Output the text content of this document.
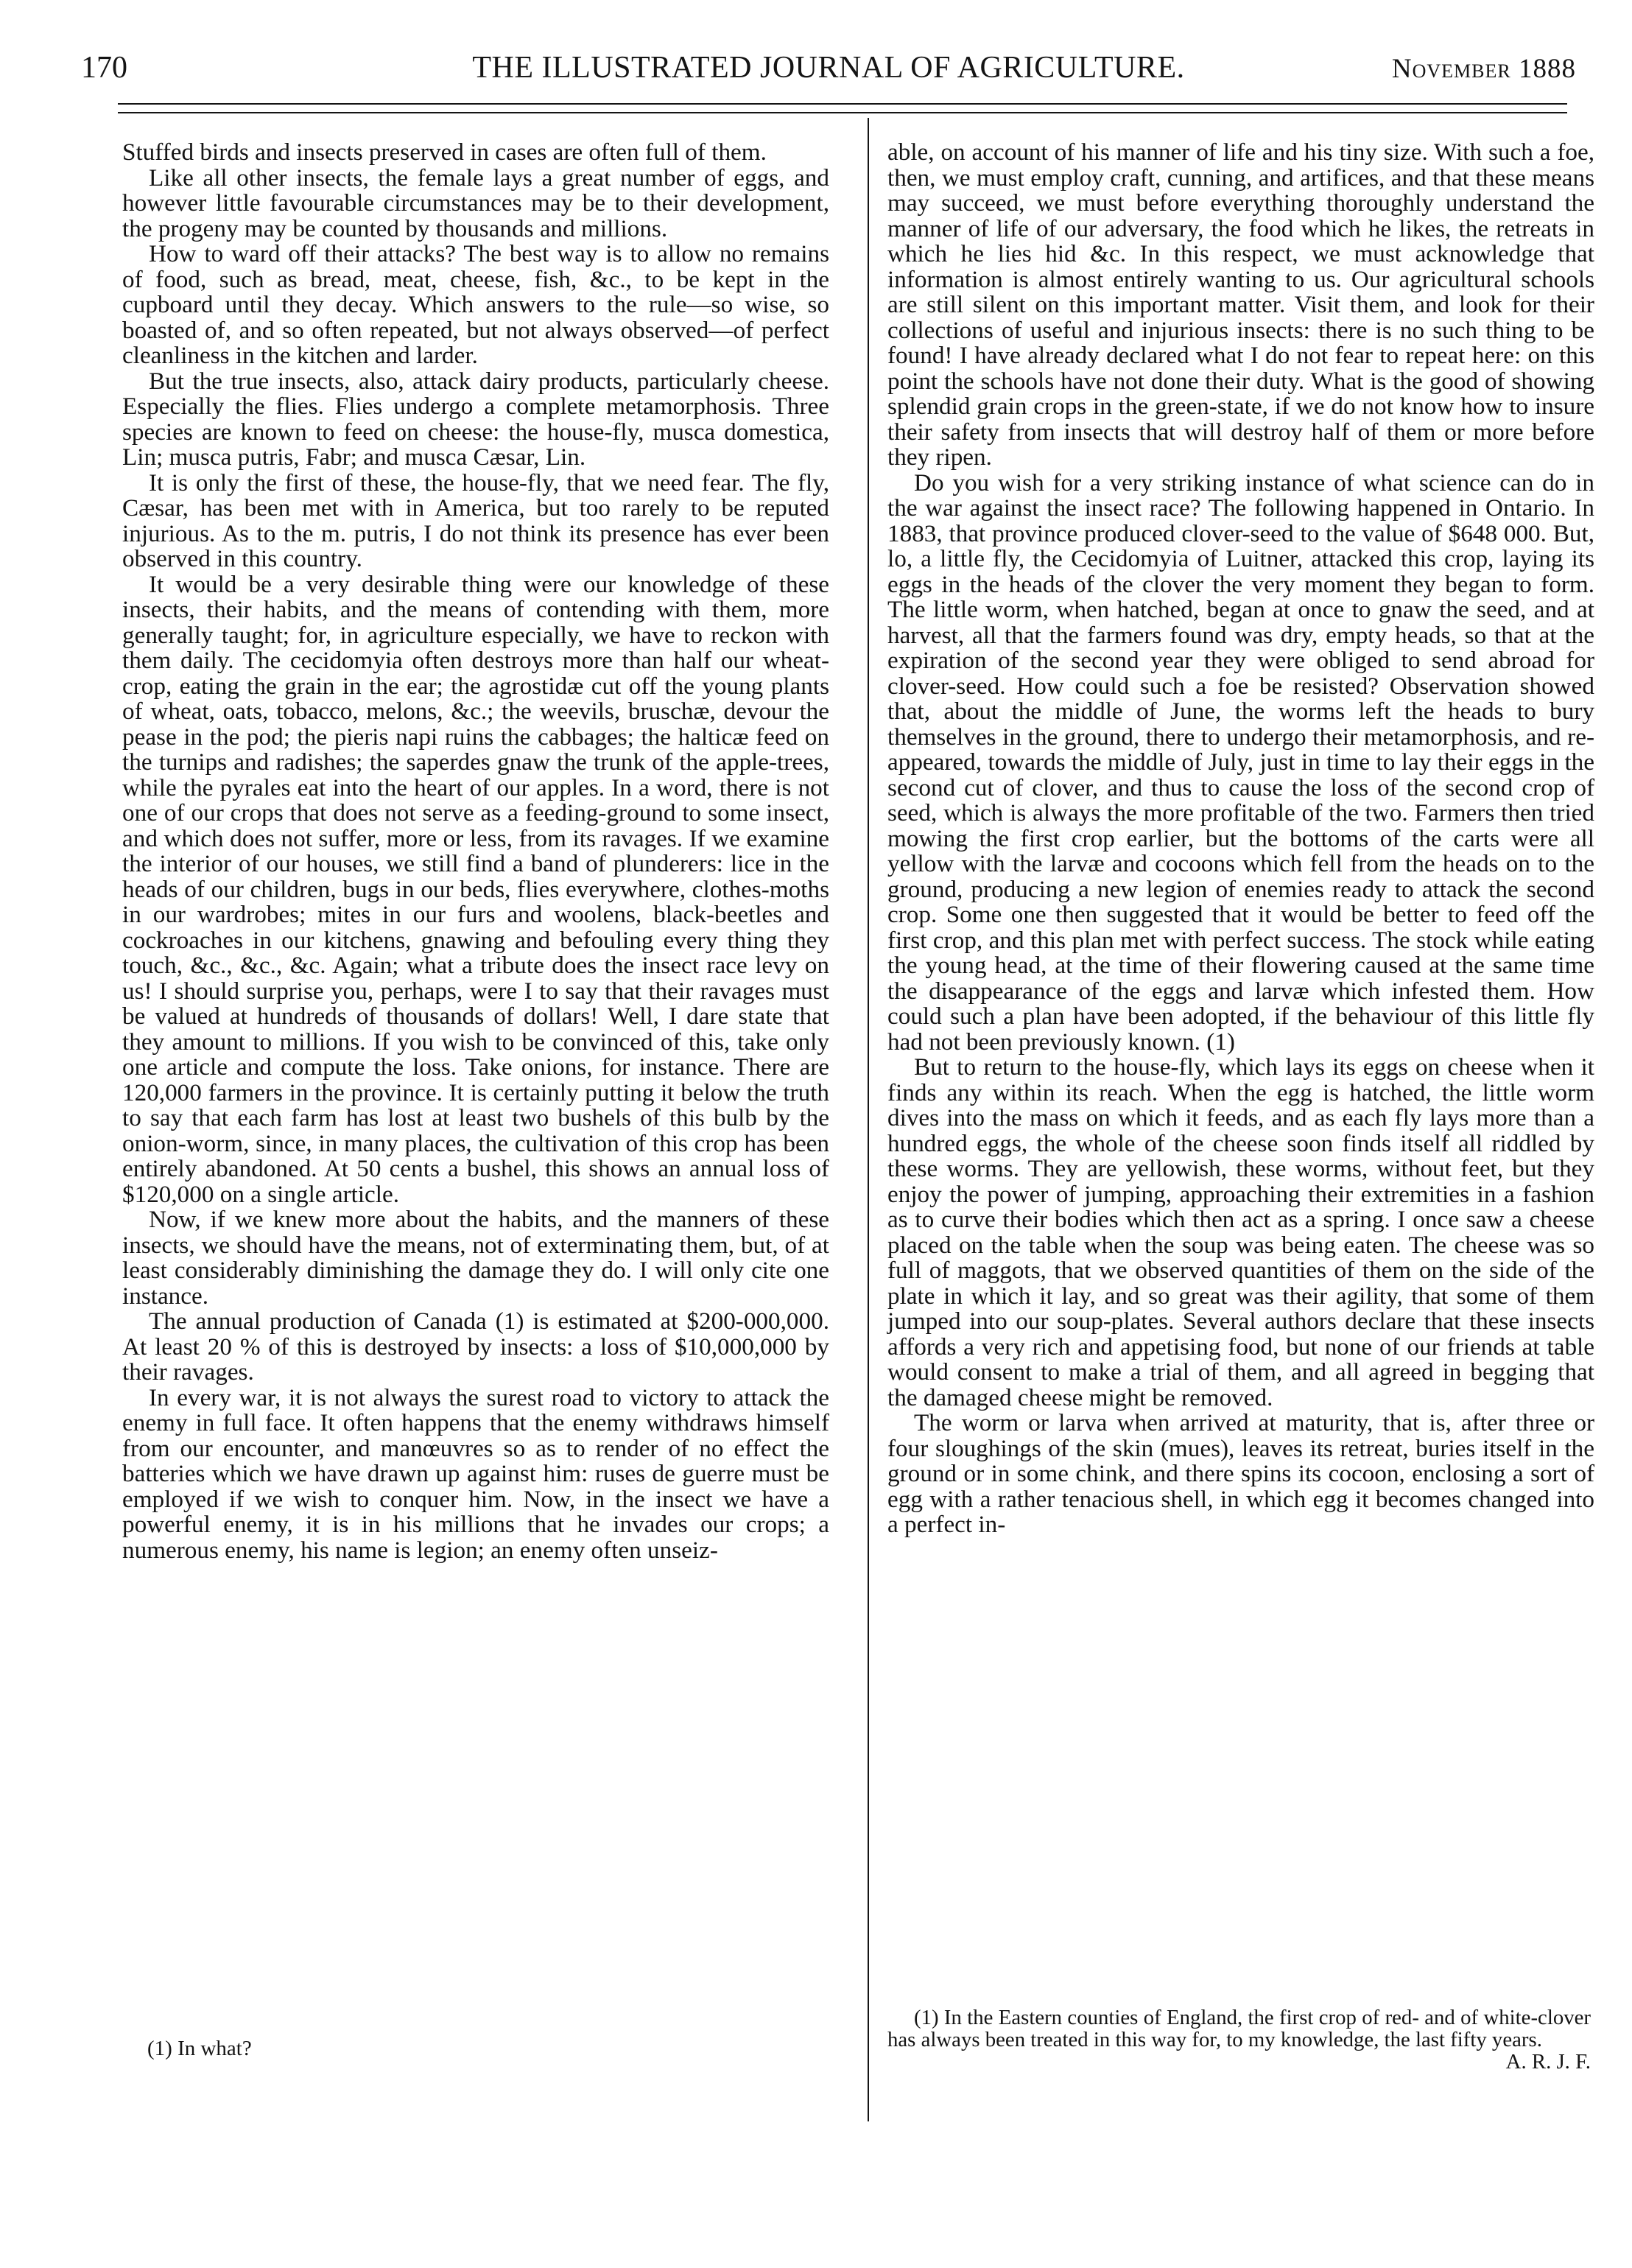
170	THE ILLUSTRATED JOURNAL OF AGRICULTURE.	November 1888

Stuffed birds and insects preserved in cases are often full of them.

Like all other insects, the female lays a great number of eggs, and however little favourable circumstances may be to their development, the progeny may be counted by thousands and millions.

How to ward off their attacks? The best way is to allow no remains of food, such as bread, meat, cheese, fish, &c., to be kept in the cupboard until they decay. Which answers to the rule—so wise, so boasted of, and so often repeated, but not always observed—of perfect cleanliness in the kitchen and larder.

But the true insects, also, attack dairy products, particularly cheese. Especially the flies. Flies undergo a complete metamorphosis. Three species are known to feed on cheese: the house-fly, musca domestica, Lin; musca putris, Fabr; and musca Cæsar, Lin.

It is only the first of these, the house-fly, that we need fear. The fly, Cæsar, has been met with in America, but too rarely to be reputed injurious. As to the m. putris, I do not think its presence has ever been observed in this country.

It would be a very desirable thing were our knowledge of these insects, their habits, and the means of contending with them, more generally taught; for, in agriculture especially, we have to reckon with them daily. The cecidomyia often destroys more than half our wheat-crop, eating the grain in the ear; the agrostidæ cut off the young plants of wheat, oats, tobacco, melons, &c.; the weevils, bruschæ, devour the pease in the pod; the pieris napi ruins the cabbages; the halticæ feed on the turnips and radishes; the saperdes gnaw the trunk of the apple-trees, while the pyrales eat into the heart of our apples. In a word, there is not one of our crops that does not serve as a feeding-ground to some insect, and which does not suffer, more or less, from its ravages. If we examine the interior of our houses, we still find a band of plunderers: lice in the heads of our children, bugs in our beds, flies everywhere, clothes-moths in our wardrobes; mites in our furs and woolens, black-beetles and cockroaches in our kitchens, gnawing and befouling every thing they touch, &c., &c., &c. Again; what a tribute does the insect race levy on us! I should surprise you, perhaps, were I to say that their ravages must be valued at hundreds of thousands of dollars! Well, I dare state that they amount to millions. If you wish to be convinced of this, take only one article and compute the loss. Take onions, for instance. There are 120,000 farmers in the province. It is certainly putting it below the truth to say that each farm has lost at least two bushels of this bulb by the onion-worm, since, in many places, the cultivation of this crop has been entirely abandoned. At 50 cents a bushel, this shows an annual loss of $120,000 on a single article.

Now, if we knew more about the habits, and the manners of these insects, we should have the means, not of exterminating them, but, of at least considerably diminishing the damage they do. I will only cite one instance.

The annual production of Canada (1) is estimated at $200-000,000. At least 20 % of this is destroyed by insects: a loss of $10,000,000 by their ravages.

In every war, it is not always the surest road to victory to attack the enemy in full face. It often happens that the enemy withdraws himself from our encounter, and manœuvres so as to render of no effect the batteries which we have drawn up against him: ruses de guerre must be employed if we wish to conquer him. Now, in the insect we have a powerful enemy, it is in his millions that he invades our crops; a numerous enemy, his name is legion; an enemy often unseiz-

able, on account of his manner of life and his tiny size. With such a foe, then, we must employ craft, cunning, and artifices, and that these means may succeed, we must before everything thoroughly understand the manner of life of our adversary, the food which he likes, the retreats in which he lies hid &c. In this respect, we must acknowledge that information is almost entirely wanting to us. Our agricultural schools are still silent on this important matter. Visit them, and look for their collections of useful and injurious insects: there is no such thing to be found! I have already declared what I do not fear to repeat here: on this point the schools have not done their duty. What is the good of showing splendid grain crops in the green-state, if we do not know how to insure their safety from insects that will destroy half of them or more before they ripen.

Do you wish for a very striking instance of what science can do in the war against the insect race? The following happened in Ontario. In 1883, that province produced clover-seed to the value of $648 000. But, lo, a little fly, the Cecidomyia of Luitner, attacked this crop, laying its eggs in the heads of the clover the very moment they began to form. The little worm, when hatched, began at once to gnaw the seed, and at harvest, all that the farmers found was dry, empty heads, so that at the expiration of the second year they were obliged to send abroad for clover-seed. How could such a foe be resisted? Observation showed that, about the middle of June, the worms left the heads to bury themselves in the ground, there to undergo their metamorphosis, and re-appeared, towards the middle of July, just in time to lay their eggs in the second cut of clover, and thus to cause the loss of the second crop of seed, which is always the more profitable of the two. Farmers then tried mowing the first crop earlier, but the bottoms of the carts were all yellow with the larvæ and cocoons which fell from the heads on to the ground, producing a new legion of enemies ready to attack the second crop. Some one then suggested that it would be better to feed off the first crop, and this plan met with perfect success. The stock while eating the young head, at the time of their flowering caused at the same time the disappearance of the eggs and larvæ which infested them. How could such a plan have been adopted, if the behaviour of this little fly had not been previously known. (1)

But to return to the house-fly, which lays its eggs on cheese when it finds any within its reach. When the egg is hatched, the little worm dives into the mass on which it feeds, and as each fly lays more than a hundred eggs, the whole of the cheese soon finds itself all riddled by these worms. They are yellowish, these worms, without feet, but they enjoy the power of jumping, approaching their extremities in a fashion as to curve their bodies which then act as a spring. I once saw a cheese placed on the table when the soup was being eaten. The cheese was so full of maggots, that we observed quantities of them on the side of the plate in which it lay, and so great was their agility, that some of them jumped into our soup-plates. Several authors declare that these insects affords a very rich and appetising food, but none of our friends at table would consent to make a trial of them, and all agreed in begging that the damaged cheese might be removed.

The worm or larva when arrived at maturity, that is, after three or four sloughings of the skin (mues), leaves its retreat, buries itself in the ground or in some chink, and there spins its cocoon, enclosing a sort of egg with a rather tenacious shell, in which egg it becomes changed into a perfect in-

(1) In what?

(1) In the Eastern counties of England, the first crop of red- and of white-clover has always been treated in this way for, to my knowledge, the last fifty years.
A. R. J. F.
